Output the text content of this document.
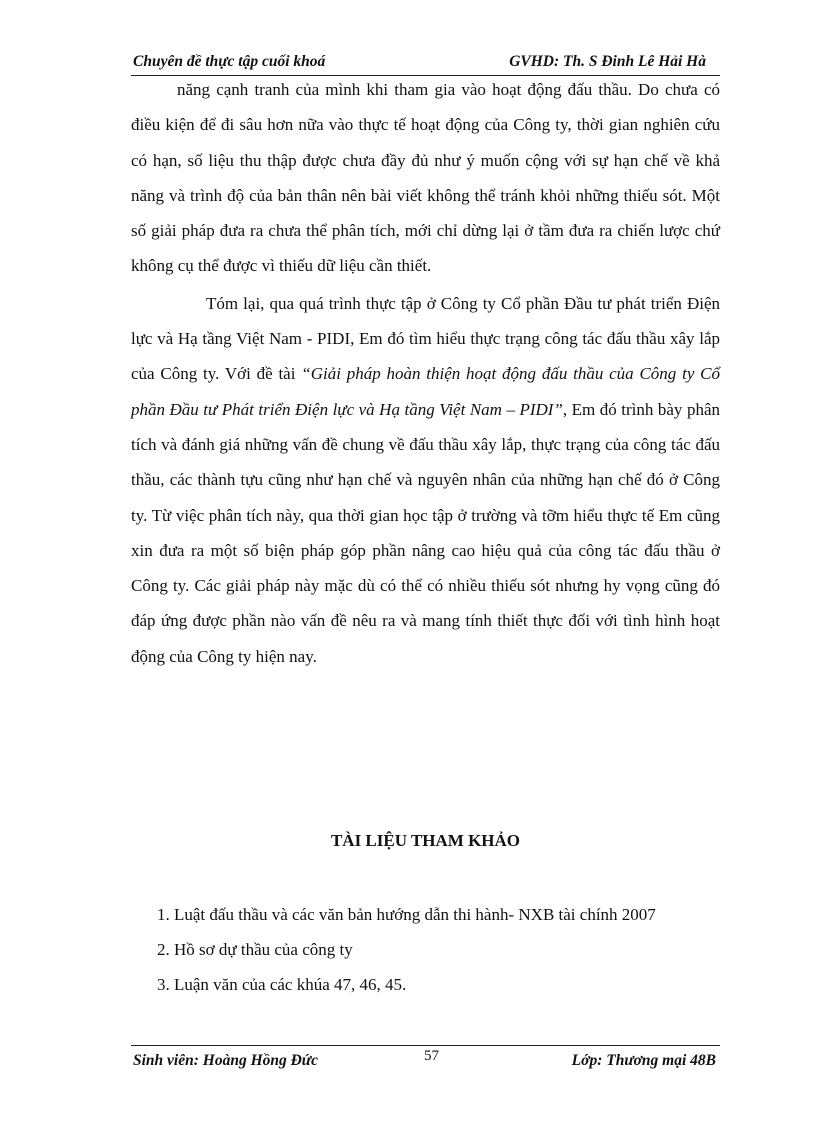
Chuyên đề thực tập cuối khoá	GVHD: Th. S Đinh Lê Hải Hà

năng cạnh tranh của mình khi tham gia vào hoạt động đấu thầu. Do chưa có điều kiện để đi sâu hơn nữa vào thực tế hoạt động của Công ty, thời gian nghiên cứu có hạn, số liệu thu thập được chưa đầy đủ như ý muốn cộng với sự hạn chế về khả năng và trình độ của bản thân nên bài viết không thể tránh khỏi những thiếu sót. Một số giải pháp đưa ra chưa thể phân tích, mới chỉ dừng lại ở tầm đưa ra chiến lược chứ không cụ thể được vì thiếu dữ liệu cần thiết.

Tóm lại, qua quá trình thực tập ở Công ty Cổ phần Đầu tư phát triển Điện lực và Hạ tầng Việt Nam - PIDI, Em đó tìm hiểu thực trạng công tác đấu thầu xây lắp của Công ty. Với đề tài “Giải pháp hoàn thiện hoạt động đấu thầu của Công ty Cổ phần Đầu tư Phát triển Điện lực và Hạ tầng Việt Nam – PIDI”, Em đó trình bày phân tích và đánh giá những vấn đề chung về đấu thầu xây lắp, thực trạng của công tác đấu thầu, các thành tựu cũng như hạn chế và nguyên nhân của những hạn chế đó ở Công ty. Từ việc phân tích này, qua thời gian học tập ở trường và tỡm hiểu thực tế Em cũng xin đưa ra một số biện pháp góp phần nâng cao hiệu quả của công tác đấu thầu ở Công ty. Các giải pháp này mặc dù có thể có nhiều thiếu sót nhưng hy vọng cũng đó đáp ứng được phần nào vấn đề nêu ra và mang tính thiết thực đối với tình hình hoạt động của Công ty hiện nay.

TÀI LIỆU THAM KHẢO
1. Luật đấu thầu và các văn bản hướng dẫn thi hành- NXB tài chính 2007
2. Hồ sơ dự thầu của công ty
3. Luận văn của các khúa 47, 46, 45.
Sinh viên: Hoàng Hồng Đức	57	Lớp: Thương mại 48B
